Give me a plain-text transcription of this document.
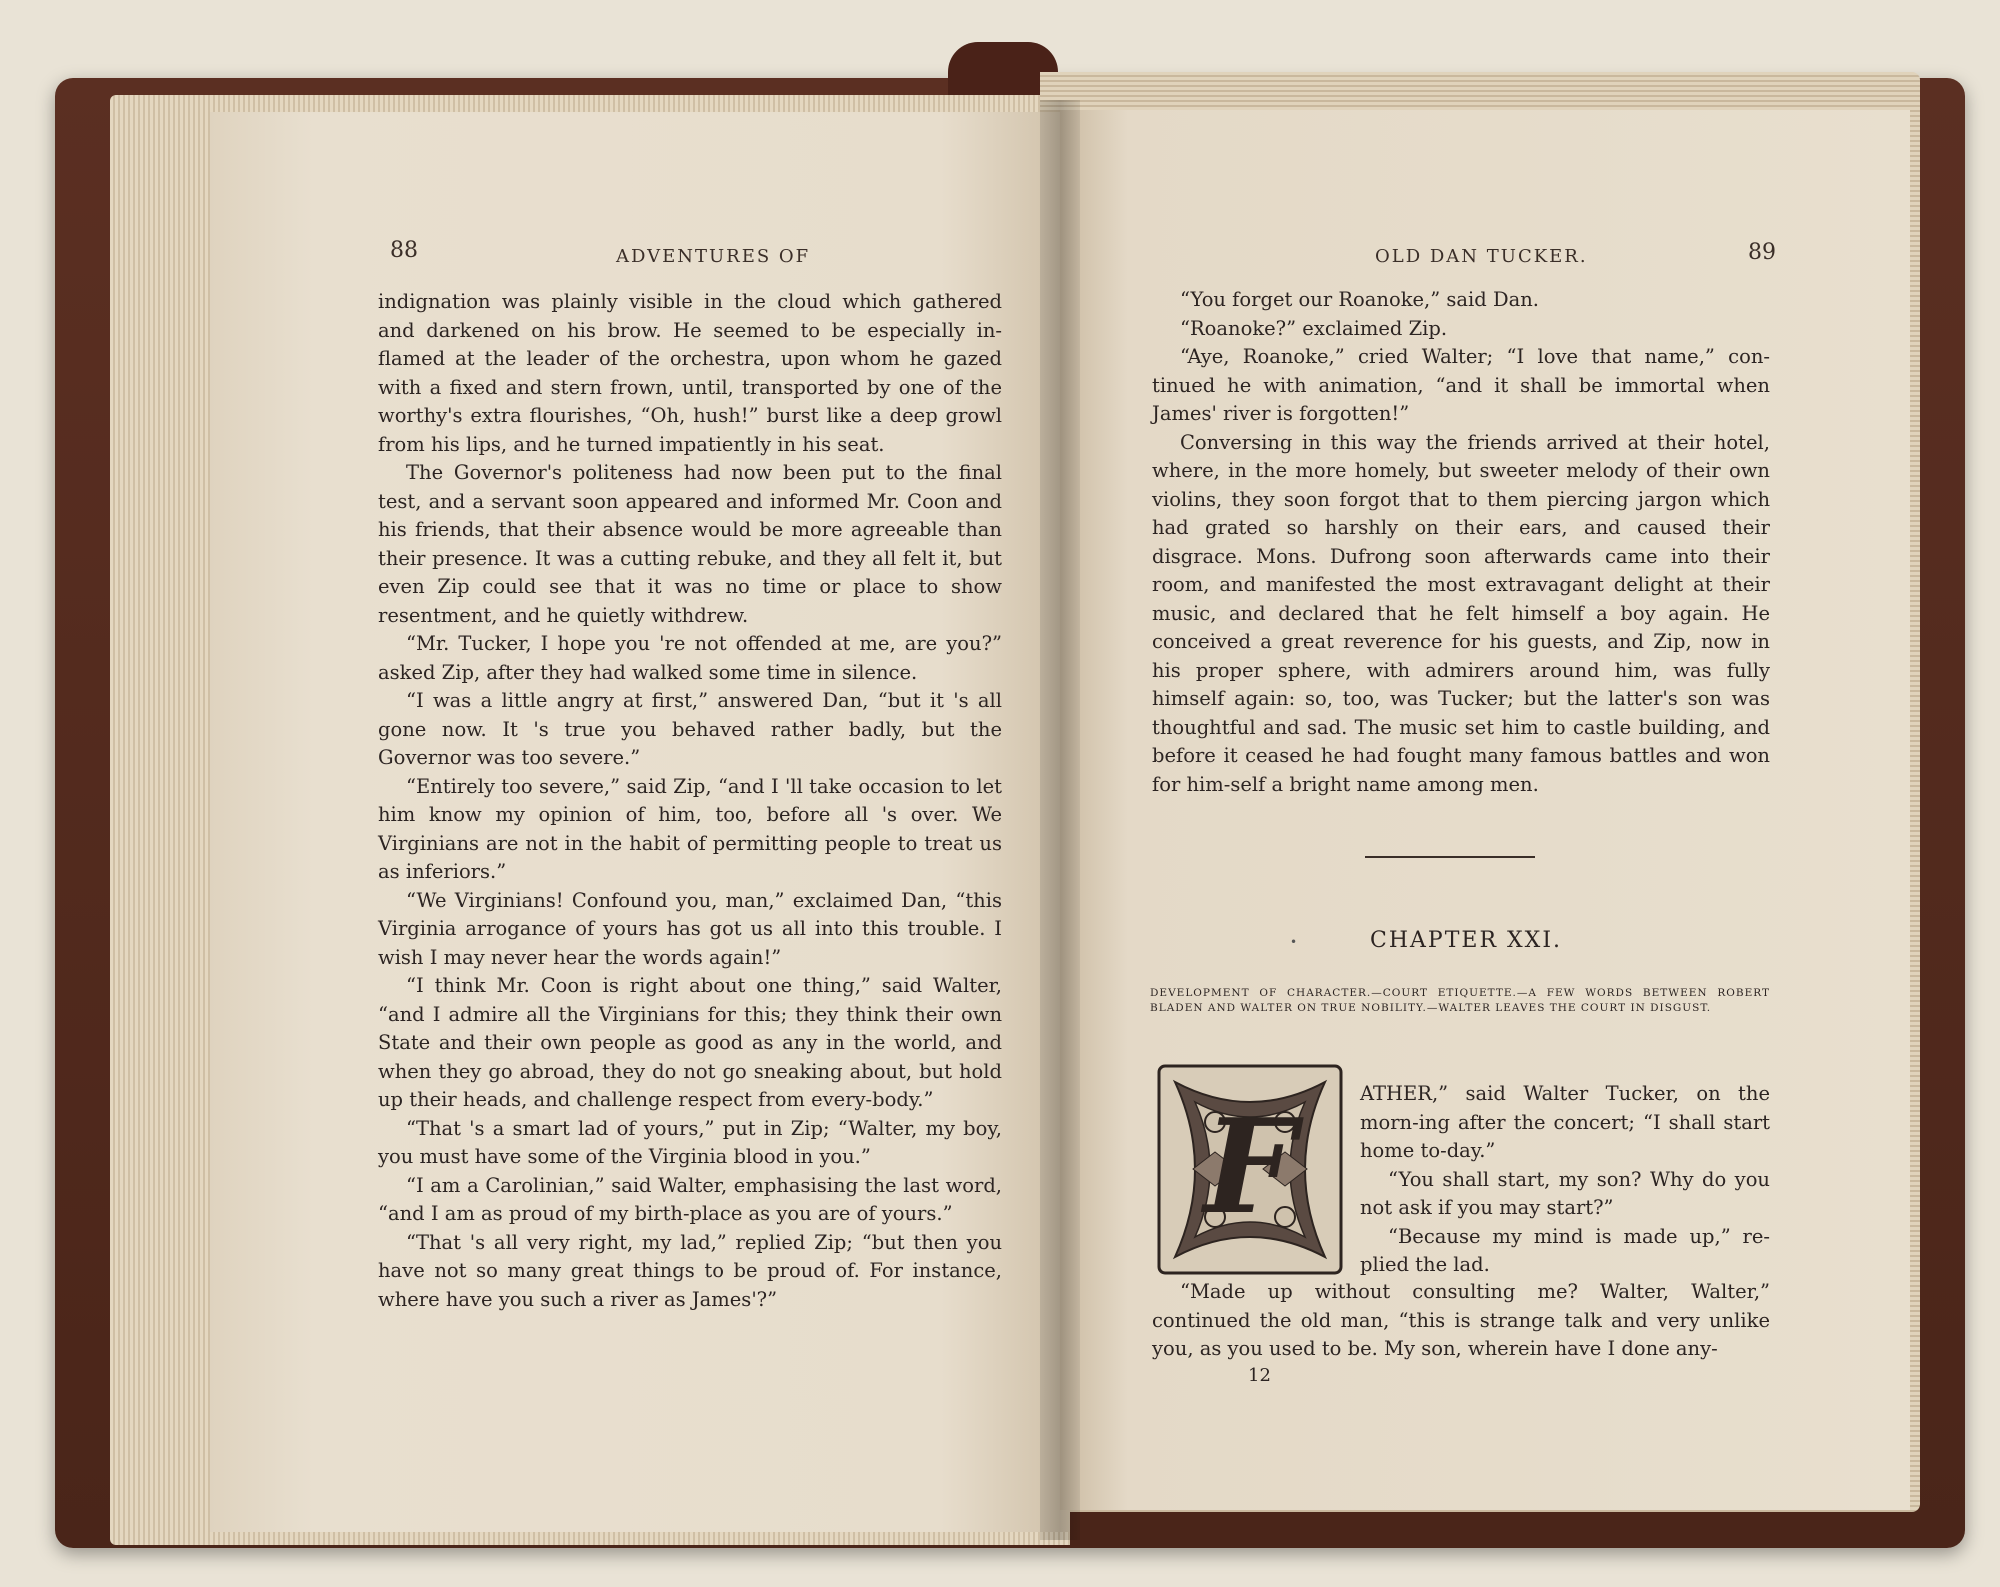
88	ADVENTURES OF

indignation was plainly visible in the cloud which gathered and darkened on his brow. He seemed to be especially in-flamed at the leader of the orchestra, upon whom he gazed with a fixed and stern frown, until, transported by one of the worthy's extra flourishes, “Oh, hush!” burst like a deep growl from his lips, and he turned impatiently in his seat.

The Governor's politeness had now been put to the final test, and a servant soon appeared and informed Mr. Coon and his friends, that their absence would be more agreeable than their presence. It was a cutting rebuke, and they all felt it, but even Zip could see that it was no time or place to show resentment, and he quietly withdrew.

“Mr. Tucker, I hope you 're not offended at me, are you?” asked Zip, after they had walked some time in silence.

“I was a little angry at first,” answered Dan, “but it 's all gone now. It 's true you behaved rather badly, but the Governor was too severe.”

“Entirely too severe,” said Zip, “and I 'll take occasion to let him know my opinion of him, too, before all 's over. We Virginians are not in the habit of permitting people to treat us as inferiors.”

“We Virginians! Confound you, man,” exclaimed Dan, “this Virginia arrogance of yours has got us all into this trouble. I wish I may never hear the words again!”

“I think Mr. Coon is right about one thing,” said Walter, “and I admire all the Virginians for this; they think their own State and their own people as good as any in the world, and when they go abroad, they do not go sneaking about, but hold up their heads, and challenge respect from every-body.”

“That 's a smart lad of yours,” put in Zip; “Walter, my boy, you must have some of the Virginia blood in you.”

“I am a Carolinian,” said Walter, emphasising the last word, “and I am as proud of my birth-place as you are of yours.”

“That 's all very right, my lad,” replied Zip; “but then you have not so many great things to be proud of. For instance, where have you such a river as James'?”

OLD DAN TUCKER.	89

“You forget our Roanoke,” said Dan.

“Roanoke?” exclaimed Zip.

“Aye, Roanoke,” cried Walter; “I love that name,” con-tinued he with animation, “and it shall be immortal when James' river is forgotten!”

Conversing in this way the friends arrived at their hotel, where, in the more homely, but sweeter melody of their own violins, they soon forgot that to them piercing jargon which had grated so harshly on their ears, and caused their disgrace. Mons. Dufrong soon afterwards came into their room, and manifested the most extravagant delight at their music, and declared that he felt himself a boy again. He conceived a great reverence for his guests, and Zip, now in his proper sphere, with admirers around him, was fully himself again: so, too, was Tucker; but the latter's son was thoughtful and sad. The music set him to castle building, and before it ceased he had fought many famous battles and won for him-self a bright name among men.

•	CHAPTER XXI.
DEVELOPMENT OF CHARACTER.—COURT ETIQUETTE.—A FEW WORDS BETWEEN ROBERT BLADEN AND WALTER ON TRUE NOBILITY.—WALTER LEAVES THE COURT IN DISGUST.
F	ATHER,” said Walter Tucker, on the morn-ing after the concert; “I shall start home to-day.”

“You shall start, my son? Why do you not ask if you may start?”

“Because my mind is made up,” re-plied the lad.

“Made up without consulting me? Walter, Walter,” continued the old man, “this is strange talk and very unlike you, as you used to be. My son, wherein have I done any-

12
